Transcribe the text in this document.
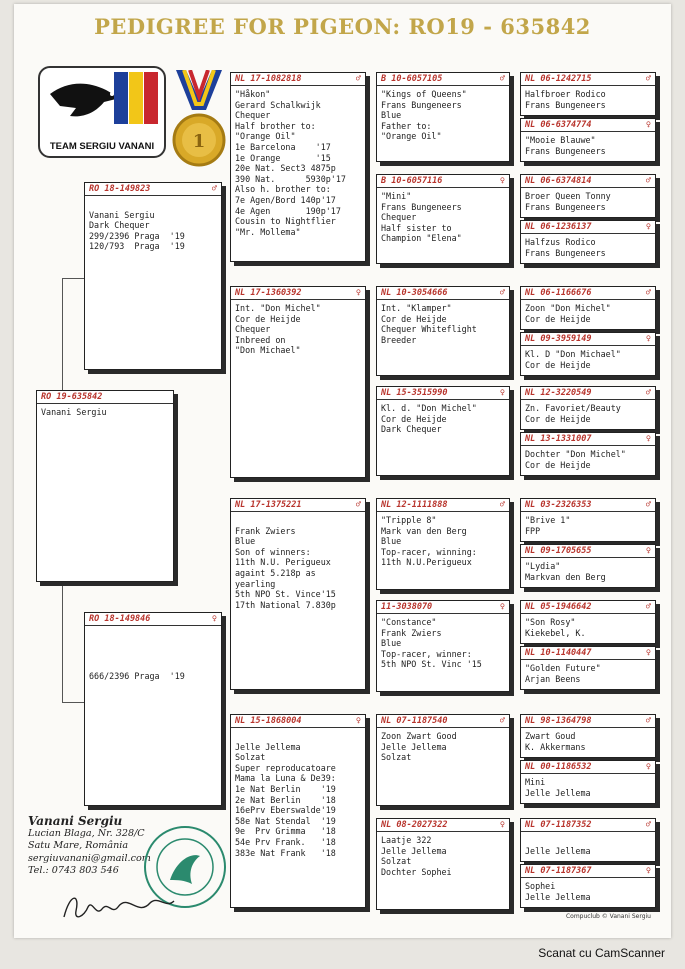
PEDIGREE FOR PIGEON: RO19 - 635842
TEAM SERGIU VANANI	1
RO 19-635842
Vanani Sergiu
RO 18-149823	♂

Vanani Sergiu
Dark Chequer
299/2396 Praga  '19
120/793  Praga  '19
RO 18-149846	♀

666/2396 Praga  '19
NL 17-1082818	♂
"Håkon"
Gerard Schalkwijk
Chequer
Half brother to:
"Orange Oil"
1e Barcelona    '17
1e Orange       '15
20e Nat. Sect3 4875p
390 Nat.      5930p'17
Also h. brother to:
7e Agen/Bord 140p'17
4e Agen       190p'17
Cousin to Nightflier
"Mr. Mollema"
NL 17-1360392	♀
Int. "Don Michel"
Cor de Heijde
Chequer
Inbreed on
"Don Michael"
NL 17-1375221	♂

Frank Zwiers
Blue
Son of winners:
11th N.U. Perigueux
againt 5.218p as
yearling
5th NPO St. Vince'15
17th National 7.830p
NL 15-1868004	♀

Jelle Jellema
Solzat
Super reproducatoare
Mama la Luna & De39:
1e Nat Berlin    '19
2e Nat Berlin    '18
16ePrv Eberswalde'19
58e Nat Stendal  '19
9e  Prv Grimma   '18
54e Prv Frank.   '18
383e Nat Frank   '18
B 10-6057105	♂
"Kings of Queens"
Frans Bungeneers
Blue
Father to:
"Orange Oil"
B 10-6057116	♀
"Mini"
Frans Bungeneers
Chequer
Half sister to
Champion "Elena"
NL 10-3054666	♂
Int. "Klamper"
Cor de Heijde
Chequer Whiteflight
Breeder
NL 15-3515990	♀
Kl. d. "Don Michel"
Cor de Heijde
Dark Chequer
NL 12-1111888	♂
"Tripple 8"
Mark van den Berg
Blue
Top-racer, winning:
11th N.U.Perigueux
11-3038070	♀
"Constance"
Frank Zwiers
Blue
Top-racer, winner:
5th NPO St. Vinc '15
NL 07-1187540	♂
Zoon Zwart Good
Jelle Jellema
Solzat
NL 08-2027322	♀
Laatje 322
Jelle Jellema
Solzat
Dochter Sophei
NL 06-1242715	♂
Halfbroer Rodico
Frans Bungeneers
NL 06-6374774	♀
"Mooie Blauwe"
Frans Bungeneers
NL 06-6374814	♂
Broer Queen Tonny
Frans Bungeneers
NL 06-1236137	♀
Halfzus Rodico
Frans Bungeneers
NL 06-1166676	♂
Zoon "Don Michel"
Cor de Heijde
NL 09-3959149	♀
Kl. D "Don Michael"
Cor de Heijde
NL 12-3220549	♂
Zn. Favoriet/Beauty
Cor de Heijde
NL 13-1331007	♀
Dochter "Don Michel"
Cor de Heijde
NL 03-2326353	♂
"Brive 1"
FPP
NL 09-1705655	♀
"Lydia"
Markvan den Berg
NL 05-1946642	♂
"Son Rosy"
Kiekebel, K.
NL 10-1140447	♀
"Golden Future"
Arjan Beens
NL 98-1364798	♂
Zwart Goud
K. Akkermans
NL 00-1186532	♀
Mini
Jelle Jellema
NL 07-1187352	♂

Jelle Jellema
NL 07-1187367	♀
Sophei
Jelle Jellema
Vanani Sergiu
Lucian Blaga, Nr. 328/C
Satu Mare, România
sergiuvanani@gmail.com
Tel.: 0743 803 546
Compuclub © Vanani Sergiu
Scanat cu CamScanner
